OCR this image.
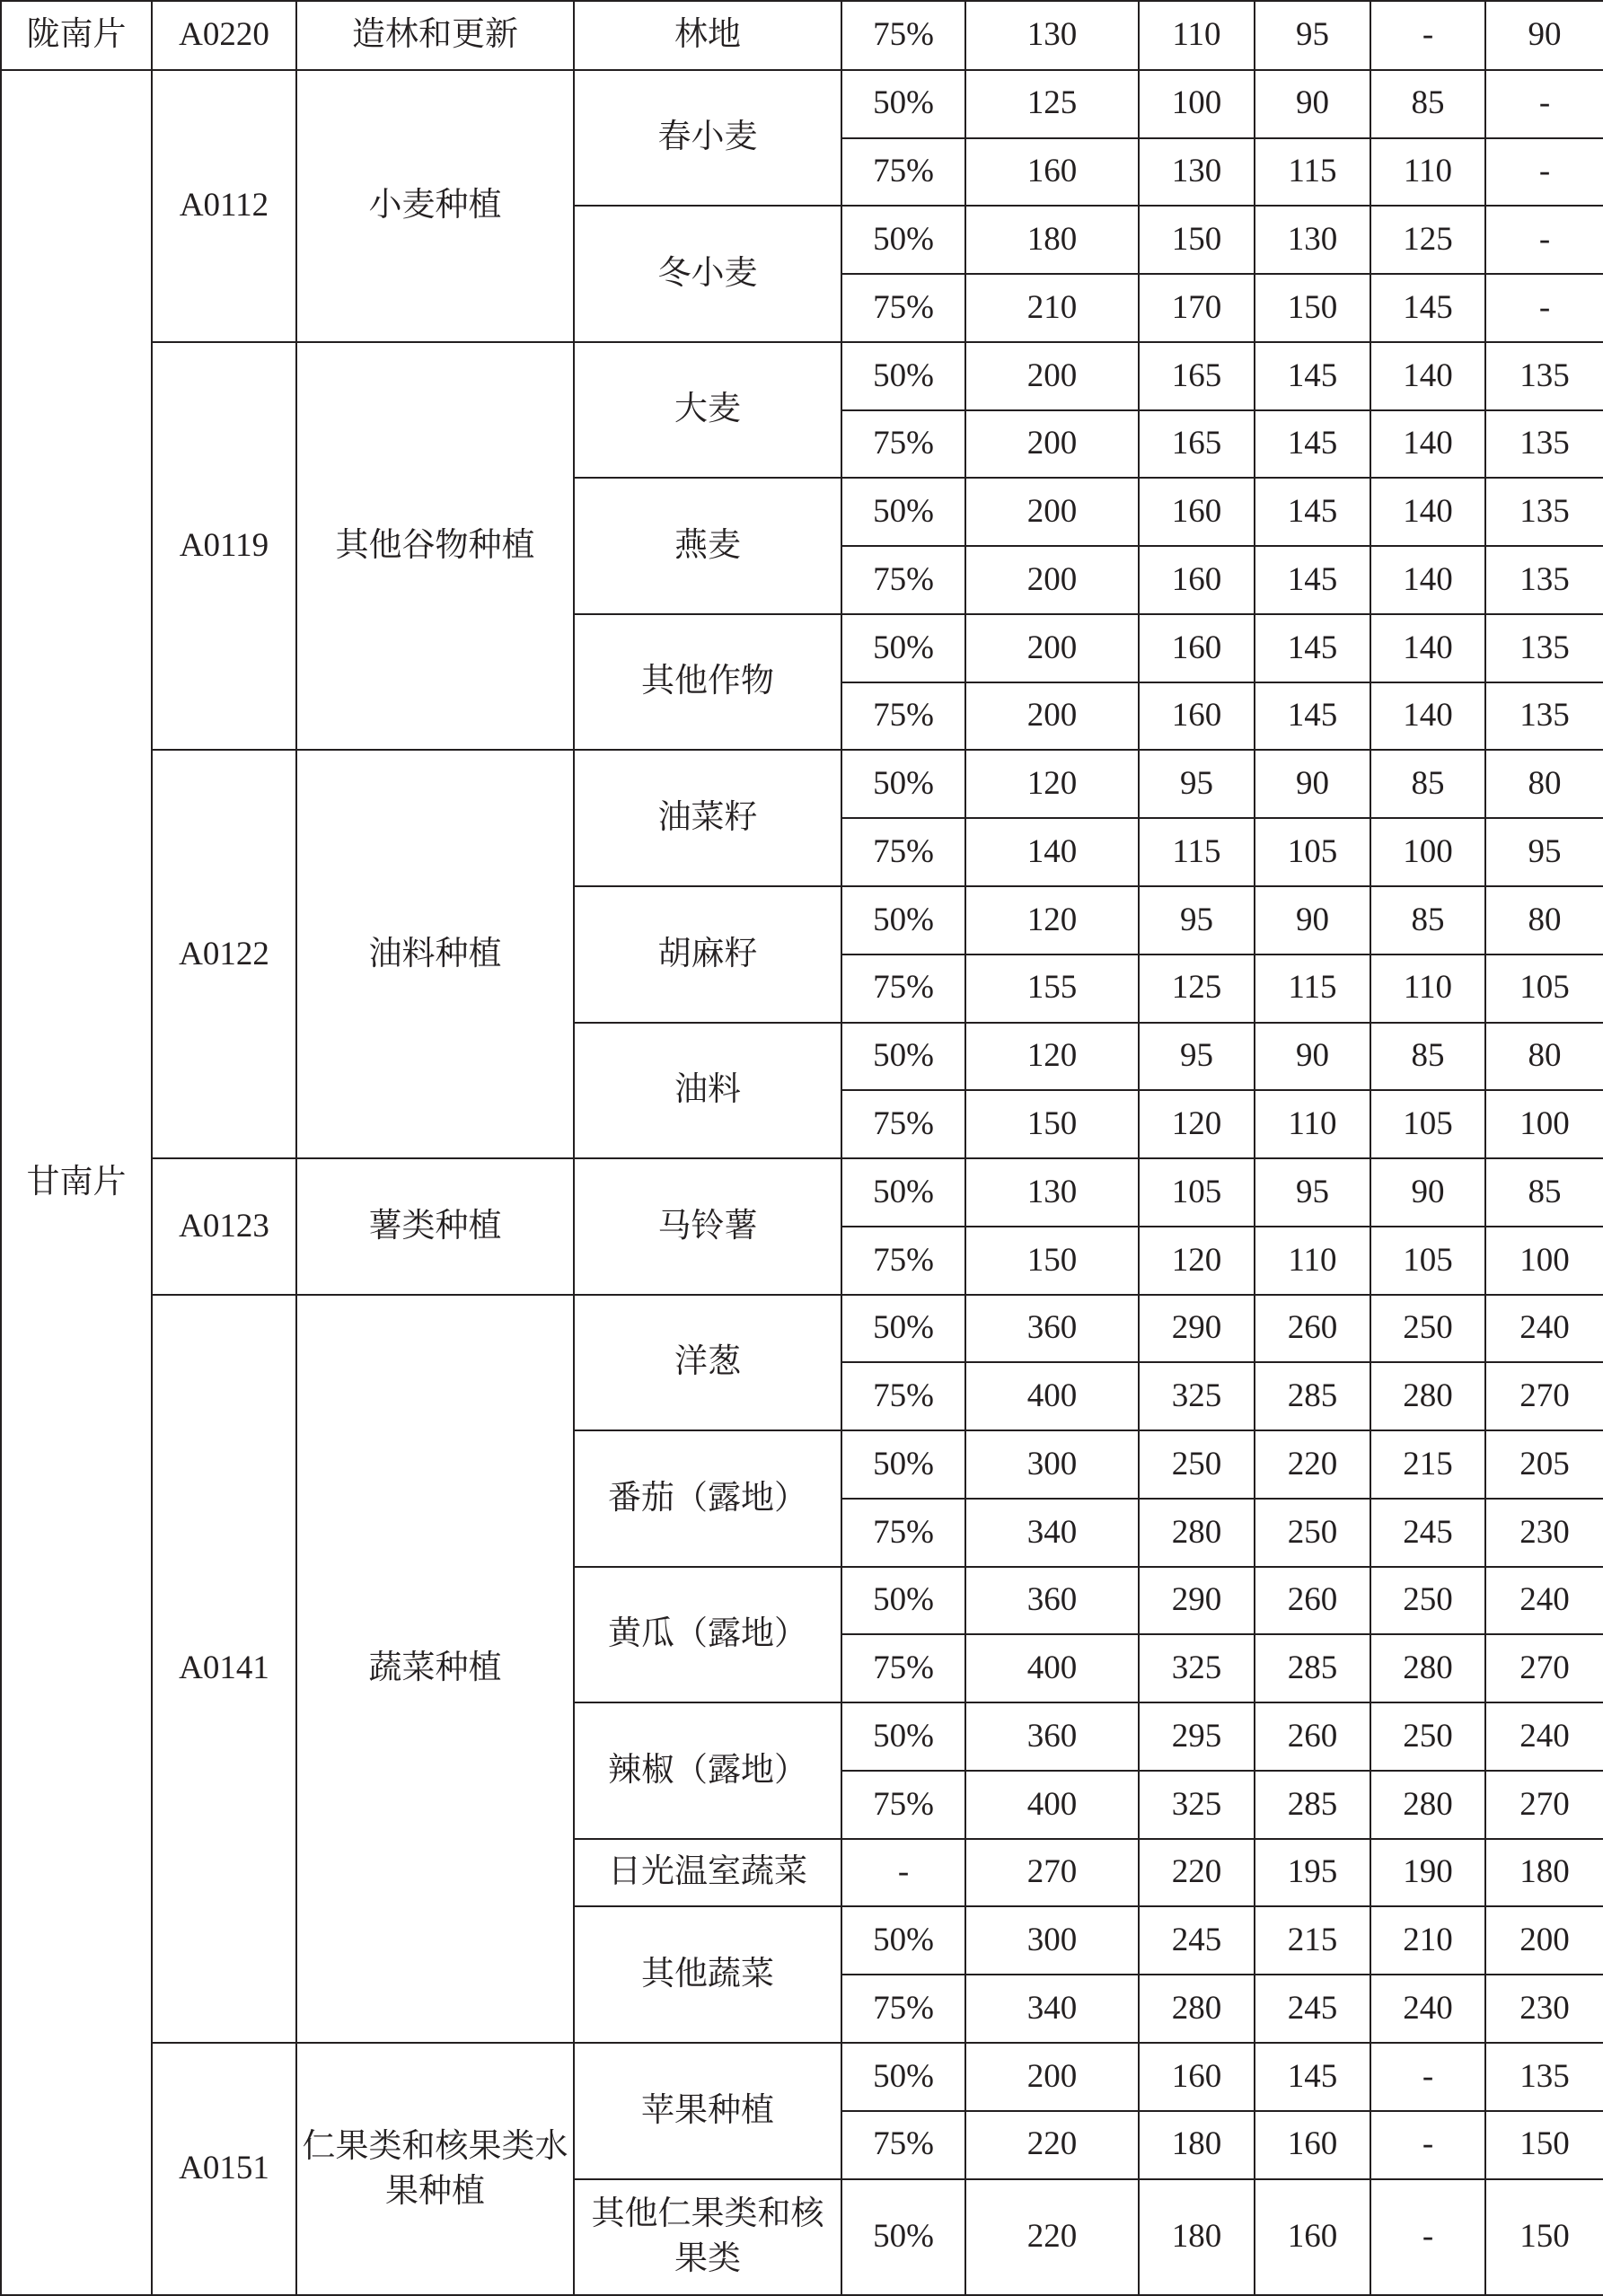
陇南片	A0220	造林和更新	林地	75%	130	110	95	-	90
甘南片	A0112	小麦种植	春小麦	50%	125	100	90	85	-
				75%	160	130	115	110	-
			冬小麦	50%	180	150	130	125	-
				75%	210	170	150	145	-
	A0119	其他谷物种植	大麦	50%	200	165	145	140	135
				75%	200	165	145	140	135
			燕麦	50%	200	160	145	140	135
				75%	200	160	145	140	135
			其他作物	50%	200	160	145	140	135
				75%	200	160	145	140	135
	A0122	油料种植	油菜籽	50%	120	95	90	85	80
				75%	140	115	105	100	95
			胡麻籽	50%	120	95	90	85	80
				75%	155	125	115	110	105
			油料	50%	120	95	90	85	80
				75%	150	120	110	105	100
	A0123	薯类种植	马铃薯	50%	130	105	95	90	85
				75%	150	120	110	105	100
	A0141	蔬菜种植	洋葱	50%	360	290	260	250	240
				75%	400	325	285	280	270
			番茄（露地）	50%	300	250	220	215	205
				75%	340	280	250	245	230
			黄瓜（露地）	50%	360	290	260	250	240
				75%	400	325	285	280	270
			辣椒（露地）	50%	360	295	260	250	240
				75%	400	325	285	280	270
			日光温室蔬菜	-	270	220	195	190	180
			其他蔬菜	50%	300	245	215	210	200
				75%	340	280	245	240	230
	A0151	仁果类和核果类水果种植	苹果种植	50%	200	160	145	-	135
				75%	220	180	160	-	150
			其他仁果类和核果类	50%	220	180	160	-	150
